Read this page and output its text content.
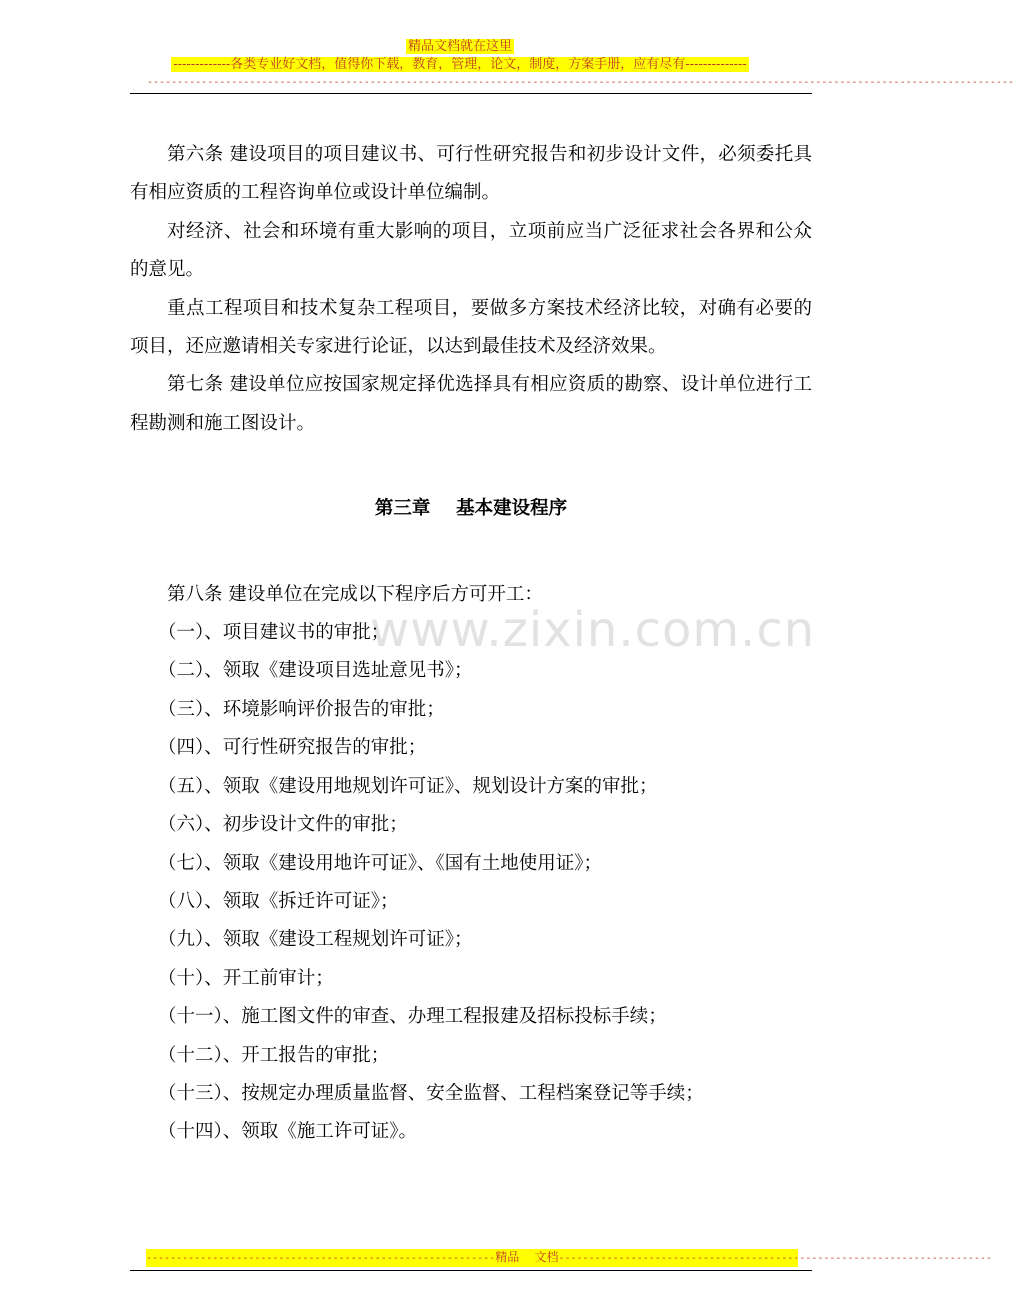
精品文档就在这里
-------------各类专业好文档，值得你下载，教育，管理，论文，制度，方案手册，应有尽有--------------
------------------------------------------------------------------------------------------------------------------------------------------------
www.zixin.com.cn

第六条 建设项目的项目建议书、可行性研究报告和初步设计文件，必须委托具有相应资质的工程咨询单位或设计单位编制。

对经济、社会和环境有重大影响的项目，立项前应当广泛征求社会各界和公众的意见。

重点工程项目和技术复杂工程项目，要做多方案技术经济比较，对确有必要的项目，还应邀请相关专家进行论证，以达到最佳技术及经济效果。

第七条 建设单位应按国家规定择优选择具有相应资质的勘察、设计单位进行工程勘测和施工图设计。

第三章    基本建设程序

第八条 建设单位在完成以下程序后方可开工：

（一）、项目建议书的审批；

（二）、领取《建设项目选址意见书》；

（三）、环境影响评价报告的审批；

（四）、可行性研究报告的审批；

（五）、领取《建设用地规划许可证》、规划设计方案的审批；

（六）、初步设计文件的审批；

（七）、领取《建设用地许可证》、《国有土地使用证》；

（八）、领取《拆迁许可证》；

（九）、领取《建设工程规划许可证》；

（十）、开工前审计；

（十一）、施工图文件的审查、办理工程报建及招标投标手续；

（十二）、开工报告的审批；

（十三）、按规定办理质量监督、安全监督、工程档案登记等手续；

（十四）、领取《施工许可证》。

----------------------------------------------------------精品    文档------------------------------------------------------------------------
